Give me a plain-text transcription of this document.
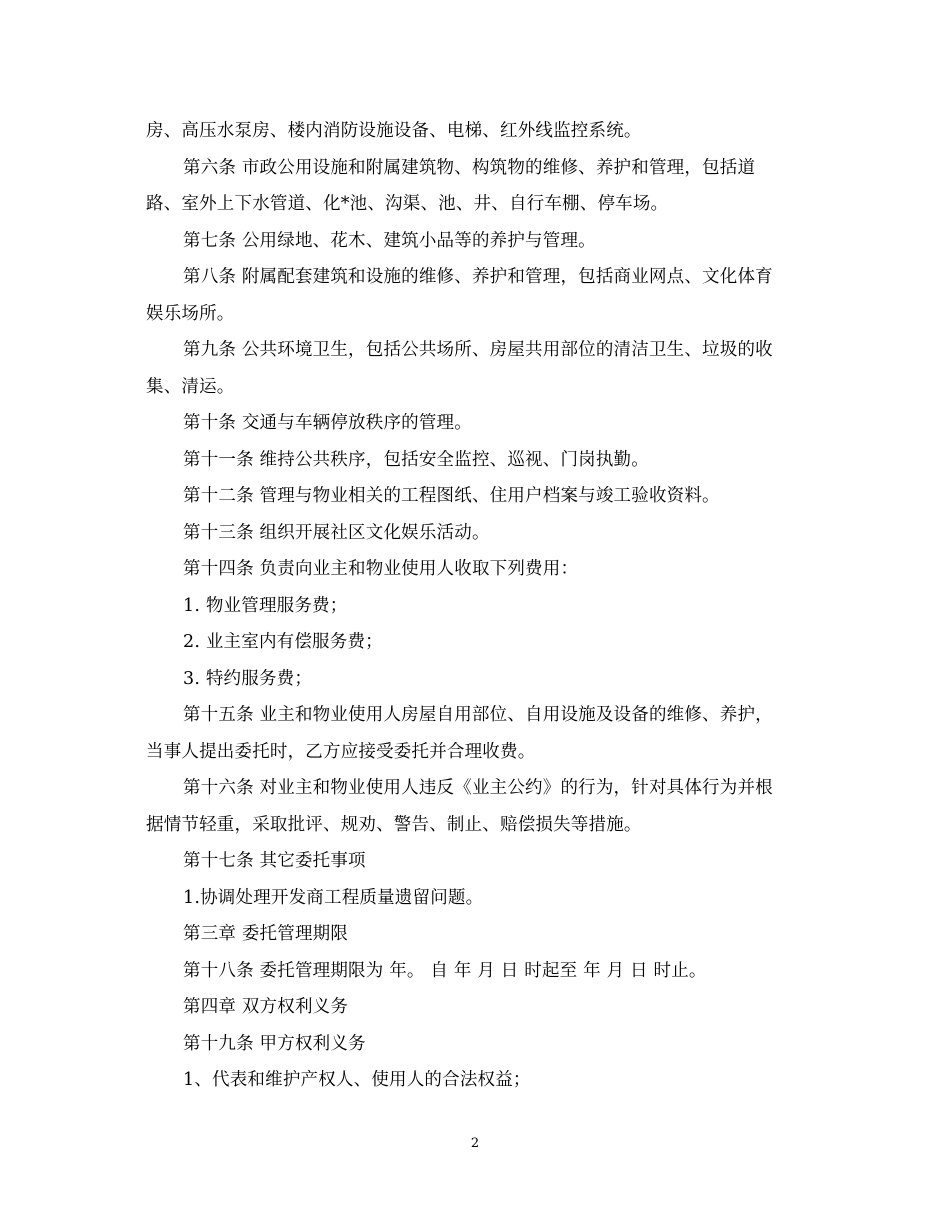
房、高压水泵房、楼内消防设施设备、电梯、红外线监控系统。
第六条 市政公用设施和附属建筑物、构筑物的维修、养护和管理，包括道
路、室外上下水管道、化*池、沟渠、池、井、自行车棚、停车场。
第七条 公用绿地、花木、建筑小品等的养护与管理。
第八条 附属配套建筑和设施的维修、养护和管理，包括商业网点、文化体育
娱乐场所。
第九条 公共环境卫生，包括公共场所、房屋共用部位的清洁卫生、垃圾的收
集、清运。
第十条 交通与车辆停放秩序的管理。
第十一条 维持公共秩序，包括安全监控、巡视、门岗执勤。
第十二条 管理与物业相关的工程图纸、住用户档案与竣工验收资料。
第十三条 组织开展社区文化娱乐活动。
第十四条 负责向业主和物业使用人收取下列费用：
1. 物业管理服务费；
2. 业主室内有偿服务费；
3. 特约服务费；
第十五条 业主和物业使用人房屋自用部位、自用设施及设备的维修、养护，
当事人提出委托时，乙方应接受委托并合理收费。
第十六条 对业主和物业使用人违反《业主公约》的行为，针对具体行为并根
据情节轻重，采取批评、规劝、警告、制止、赔偿损失等措施。
第十七条 其它委托事项
1.协调处理开发商工程质量遗留问题。
第三章 委托管理期限
第十八条 委托管理期限为 年。 自 年 月 日 时起至 年 月 日 时止。
第四章 双方权利义务
第十九条 甲方权利义务
1、代表和维护产权人、使用人的合法权益；
2
